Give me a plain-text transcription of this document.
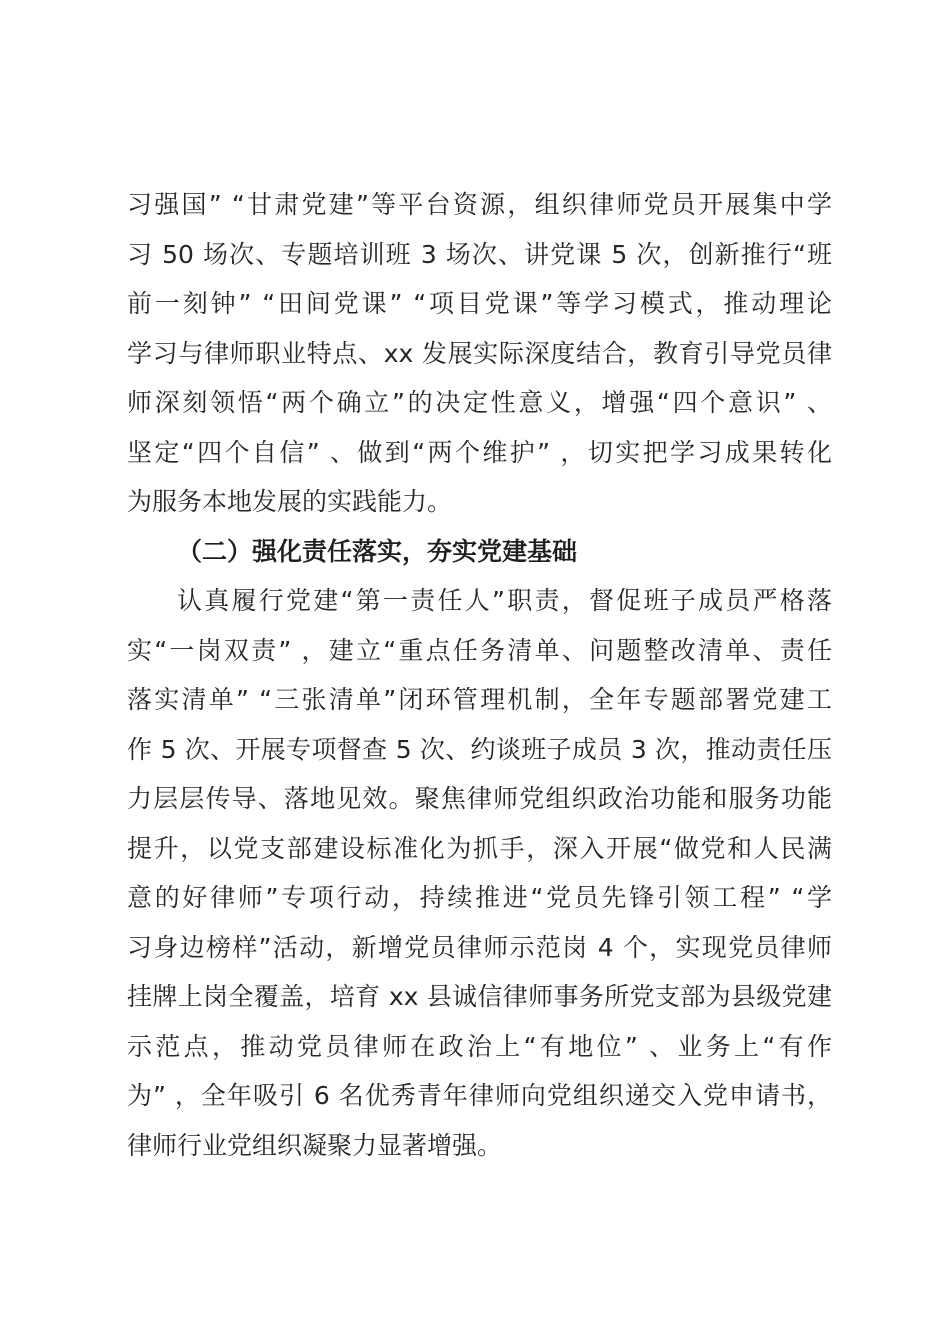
习强国” “甘肃党建”等平台资源，组织律师党员开展集中学
习 50 场次、专题培训班 3 场次、讲党课 5 次，创新推行“班
前一刻钟” “田间党课” “项目党课”等学习模式，推动理论
学习与律师职业特点、xx 发展实际深度结合，教育引导党员律
师深刻领悟“两个确立”的决定性意义，增强“四个意识” 、
坚定“四个自信” 、做到“两个维护” ，切实把学习成果转化
为服务本地发展的实践能力。
（二）强化责任落实，夯实党建基础
认真履行党建“第一责任人”职责，督促班子成员严格落
实“一岗双责” ，建立“重点任务清单、问题整改清单、责任
落实清单” “三张清单”闭环管理机制，全年专题部署党建工
作 5 次、开展专项督查 5 次、约谈班子成员 3 次，推动责任压
力层层传导、落地见效。聚焦律师党组织政治功能和服务功能
提升，以党支部建设标准化为抓手，深入开展“做党和人民满
意的好律师”专项行动，持续推进“党员先锋引领工程” “学
习身边榜样”活动，新增党员律师示范岗 4 个，实现党员律师
挂牌上岗全覆盖，培育 xx 县诚信律师事务所党支部为县级党建
示范点，推动党员律师在政治上“有地位” 、业务上“有作
为” ，全年吸引 6 名优秀青年律师向党组织递交入党申请书，
律师行业党组织凝聚力显著增强。
